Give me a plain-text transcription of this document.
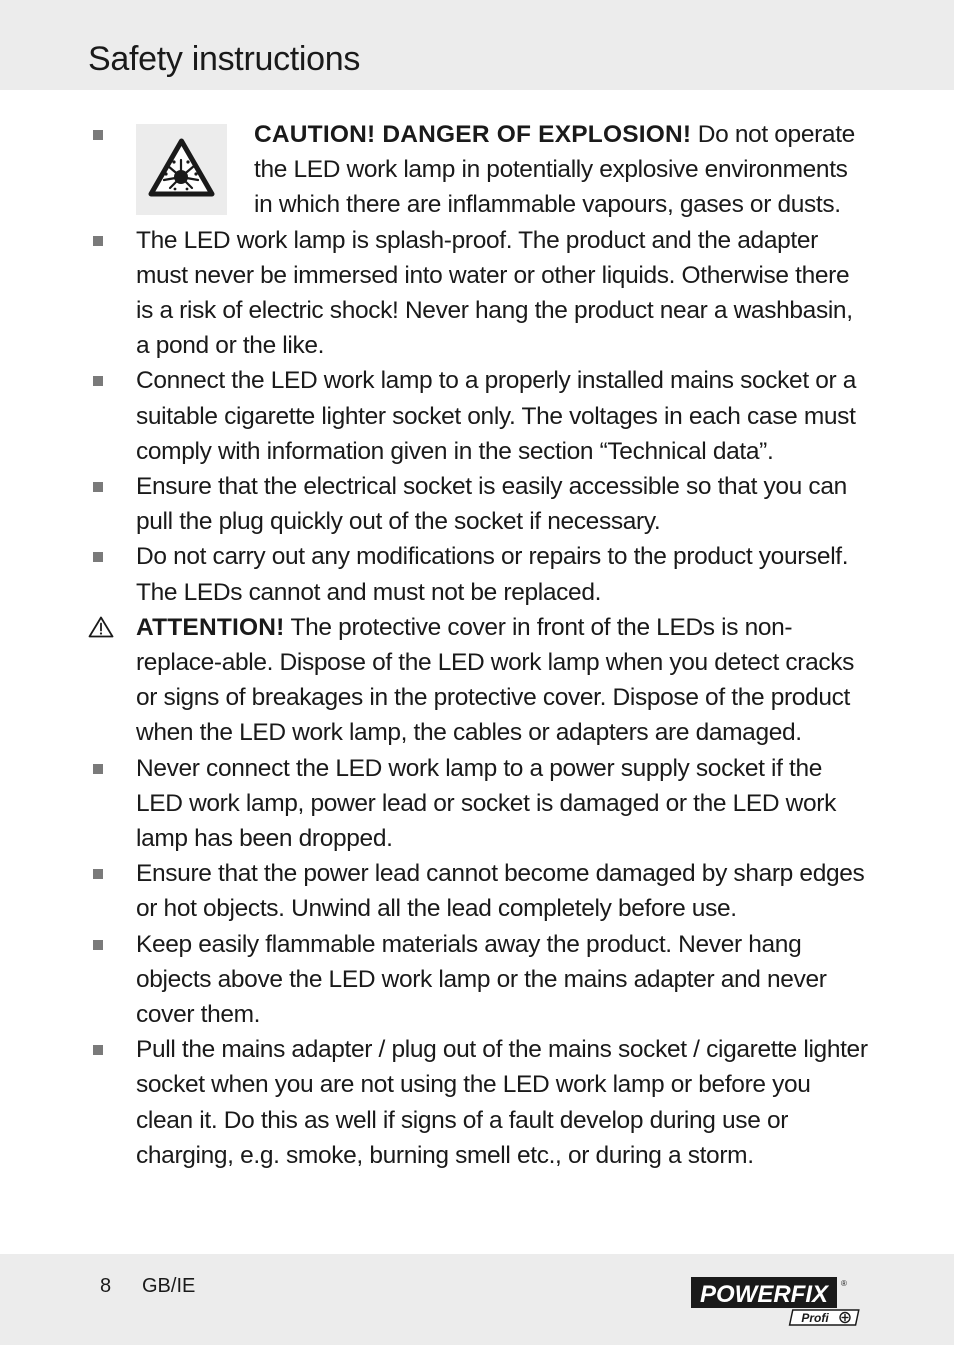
Safety instructions

CAUTION! DANGER OF EXPLOSION! Do not operate the LED work lamp in potentially explosive environments in which there are inflammable vapours, gases or dusts.

The LED work lamp is splash-proof. The product and the adapter must never be immersed into water or other liquids. Otherwise there is a risk of electric shock! Never hang the product near a washbasin, a pond or the like.

Connect the LED work lamp to a properly installed mains socket or a suitable cigarette lighter socket only. The voltages in each case must comply with information given in the section “Technical data”.

Ensure that the electrical socket is easily accessible so that you can pull the plug quickly out of the socket if necessary.

Do not carry out any modifications or repairs to the product yourself. The LEDs cannot and must not be replaced.

ATTENTION! The protective cover in front of the LEDs is non-replace-able. Dispose of the LED work lamp when you detect cracks or signs of breakages in the protective cover. Dispose of the product when the LED work lamp, the cables or adapters are damaged.

Never connect the LED work lamp to a power supply socket if the LED work lamp, power lead or socket is damaged or the LED work lamp has been dropped.

Ensure that the power lead cannot become damaged by sharp edges or hot objects. Unwind all the lead completely before use.

Keep easily flammable materials away the product. Never hang objects above the LED work lamp or the mains adapter and never cover them.

Pull the mains adapter / plug out of the mains socket / cigarette lighter socket when you are not using the LED work lamp or before you clean it. Do this as well if signs of a fault develop during use or charging, e.g. smoke, burning smell etc., or during a storm.

8 GB/IE	POWERFIX ®
Profi
